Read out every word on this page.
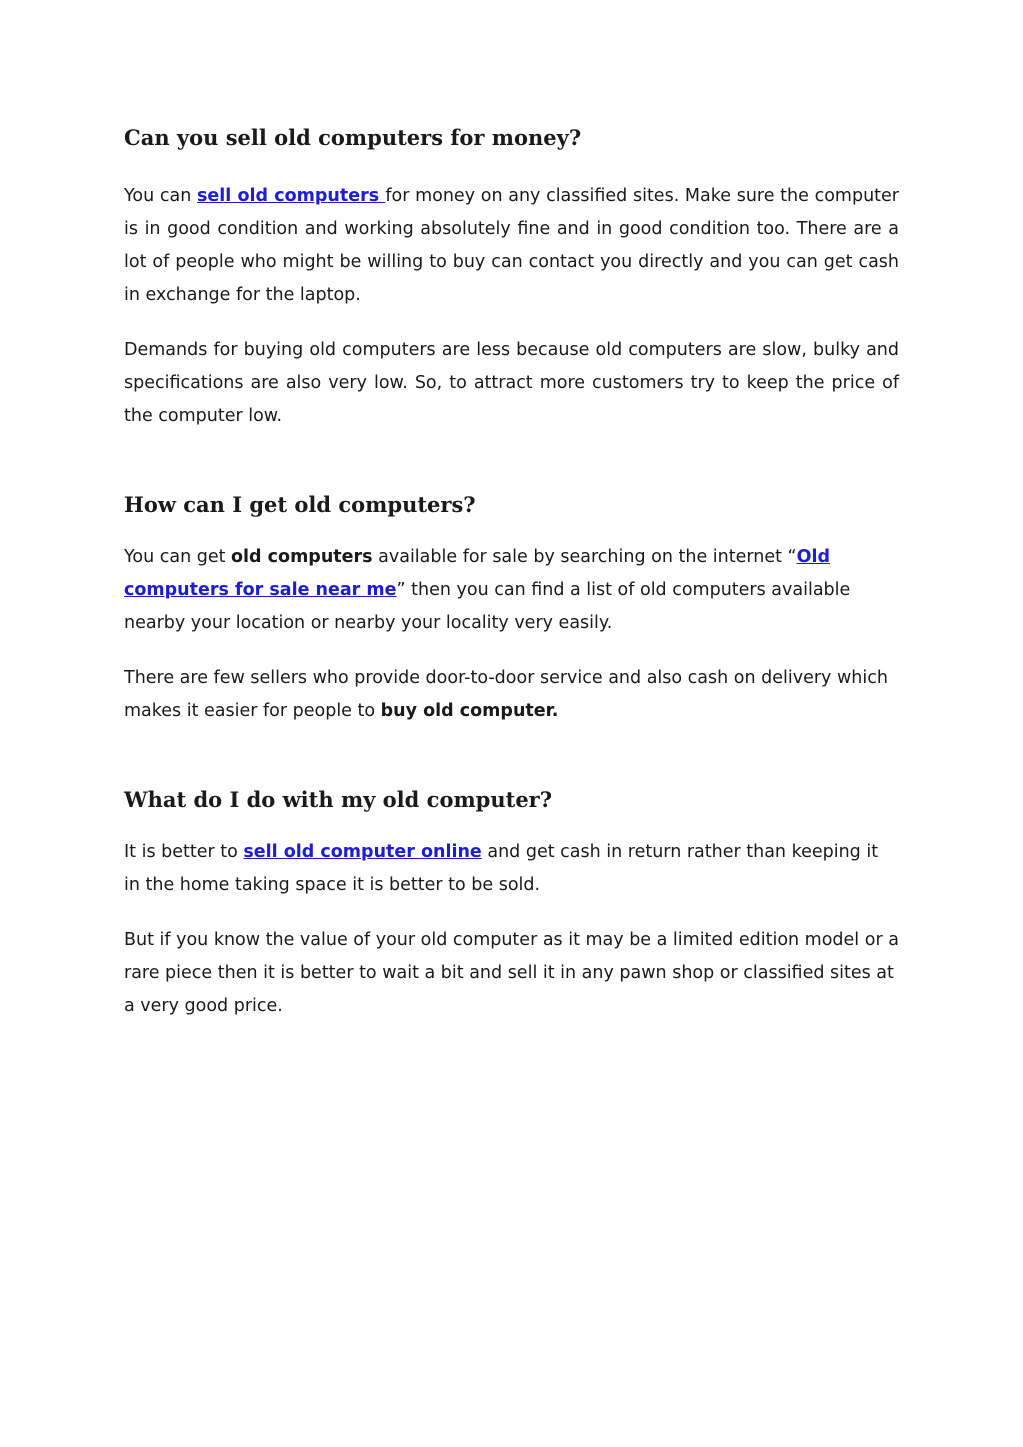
Can you sell old computers for money?

You can sell old computers for money on any classified sites. Make sure the computer is in good condition and working absolutely fine and in good condition too. There are a lot of people who might be willing to buy can contact you directly and you can get cash in exchange for the laptop.

Demands for buying old computers are less because old computers are slow, bulky and specifications are also very low. So, to attract more customers try to keep the price of the computer low.

How can I get old computers?

You can get old computers available for sale by searching on the internet “Old computers for sale near me” then you can find a list of old computers available nearby your location or nearby your locality very easily.

There are few sellers who provide door-to-door service and also cash on delivery which makes it easier for people to buy old computer.

What do I do with my old computer?

It is better to sell old computer online and get cash in return rather than keeping it in the home taking space it is better to be sold.

But if you know the value of your old computer as it may be a limited edition model or a rare piece then it is better to wait a bit and sell it in any pawn shop or classified sites at a very good price.
